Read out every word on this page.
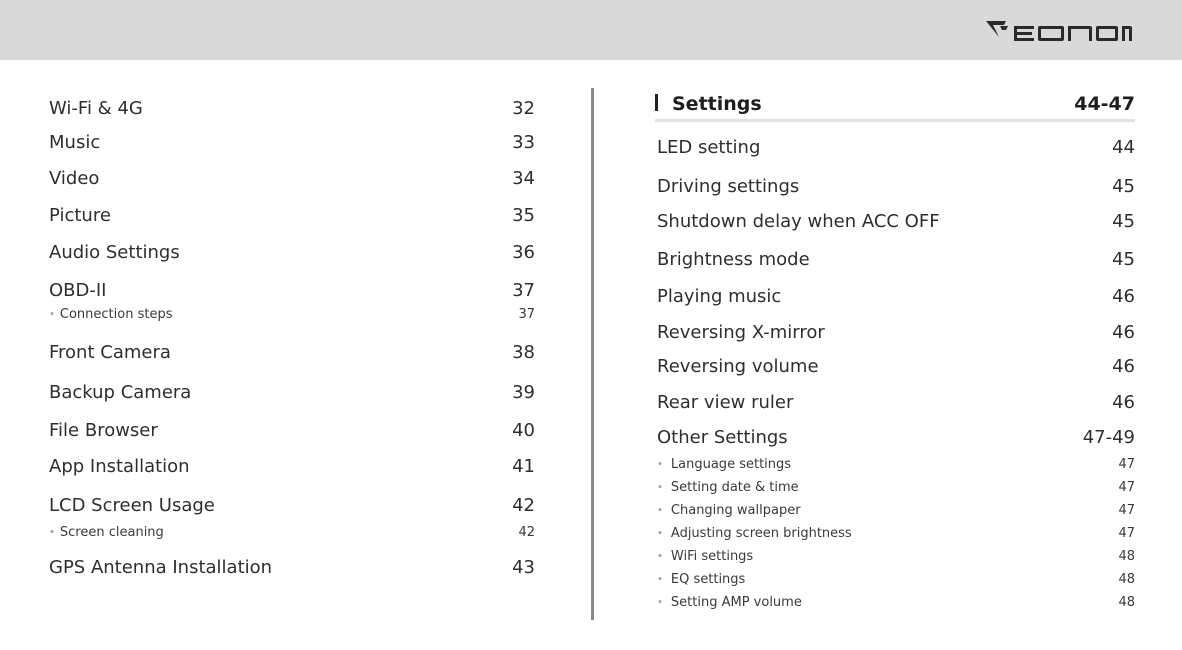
Wi-Fi & 4G	32
Music	33
Video	34
Picture	35
Audio Settings	36
OBD-II	37
• Connection steps	37
Front Camera	38
Backup Camera	39
File Browser	40
App Installation	41
LCD Screen Usage	42
• Screen cleaning	42
GPS Antenna Installation	43
Settings	44-47
LED setting	44
Driving settings	45
Shutdown delay when ACC OFF	45
Brightness mode	45
Playing music	46
Reversing X-mirror	46
Reversing volume	46
Rear view ruler	46
Other Settings	47-49
• Language settings	47
• Setting date & time	47
• Changing wallpaper	47
• Adjusting screen brightness	47
• WiFi settings	48
• EQ settings	48
• Setting AMP volume	48
